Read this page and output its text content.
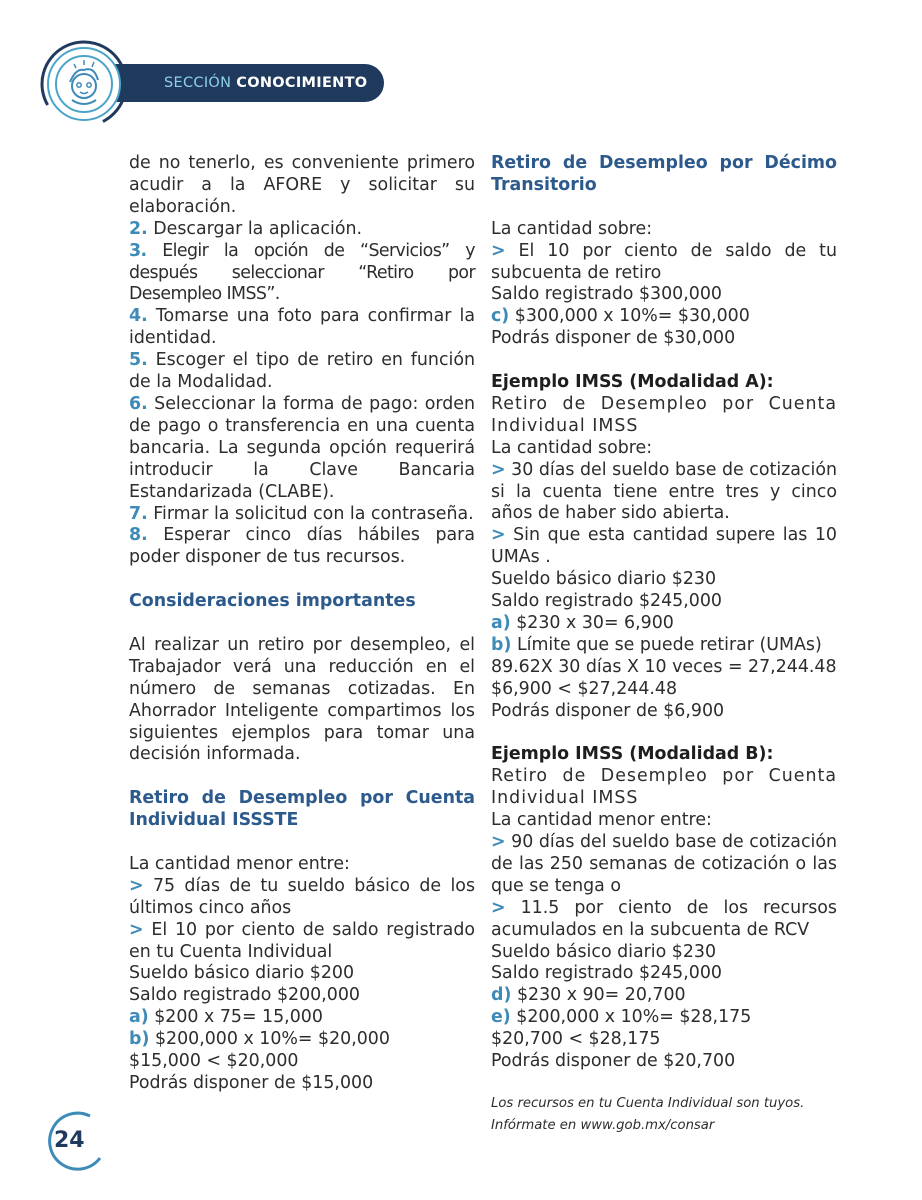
SECCIÓN CONOCIMIENTO
de no tenerlo, es conveniente primero acudir a la AFORE y solicitar su elaboración.
2. Descargar la aplicación.
3. Elegir la opción de “Servicios” y después seleccionar “Retiro por Desempleo IMSS”.
4. Tomarse una foto para confirmar la identidad.
5. Escoger el tipo de retiro en función de la Modalidad.
6. Seleccionar la forma de pago: orden de pago o transferencia en una cuenta bancaria. La segunda opción requerirá introducir la Clave Bancaria Estandarizada (CLABE).
7. Firmar la solicitud con la contraseña.
8. Esperar cinco días hábiles para poder disponer de tus recursos.
Consideraciones importantes
Al realizar un retiro por desempleo, el Trabajador verá una reducción en el número de semanas cotizadas. En Ahorrador Inteligente compartimos los siguientes ejemplos para tomar una decisión informada.
Retiro de Desempleo por Cuenta Individual ISSSTE
La cantidad menor entre:
> 75 días de tu sueldo básico de los últimos cinco años
> El 10 por ciento de saldo registrado en tu Cuenta Individual
Sueldo básico diario $200
Saldo registrado $200,000
a) $200 x 75= 15,000
b) $200,000 x 10%= $20,000
$15,000 < $20,000
Podrás disponer de $15,000
Retiro de Desempleo por Décimo Transitorio
La cantidad sobre:
> El 10 por ciento de saldo de tu subcuenta de retiro
Saldo registrado $300,000
c) $300,000 x 10%= $30,000
Podrás disponer de $30,000
Ejemplo IMSS (Modalidad A):
Retiro de Desempleo por Cuenta Individual IMSS
La cantidad sobre:
> 30 días del sueldo base de cotización si la cuenta tiene entre tres y cinco años de haber sido abierta.
> Sin que esta cantidad supere las 10 UMAs .
Sueldo básico diario $230
Saldo registrado $245,000
a) $230 x 30= 6,900
b) Límite que se puede retirar (UMAs)
89.62X 30 días X 10 veces = 27,244.48
$6,900 < $27,244.48
Podrás disponer de $6,900
Ejemplo IMSS (Modalidad B):
Retiro de Desempleo por Cuenta Individual IMSS
La cantidad menor entre:
> 90 días del sueldo base de cotización de las 250 semanas de cotización o las que se tenga o
> 11.5 por ciento de los recursos acumulados en la subcuenta de RCV
Sueldo básico diario $230
Saldo registrado $245,000
d) $230 x 90= 20,700
e) $200,000 x 10%= $28,175
$20,700 < $28,175
Podrás disponer de $20,700
Los recursos en tu Cuenta Individual son tuyos.
Infórmate en www.gob.mx/consar
24
